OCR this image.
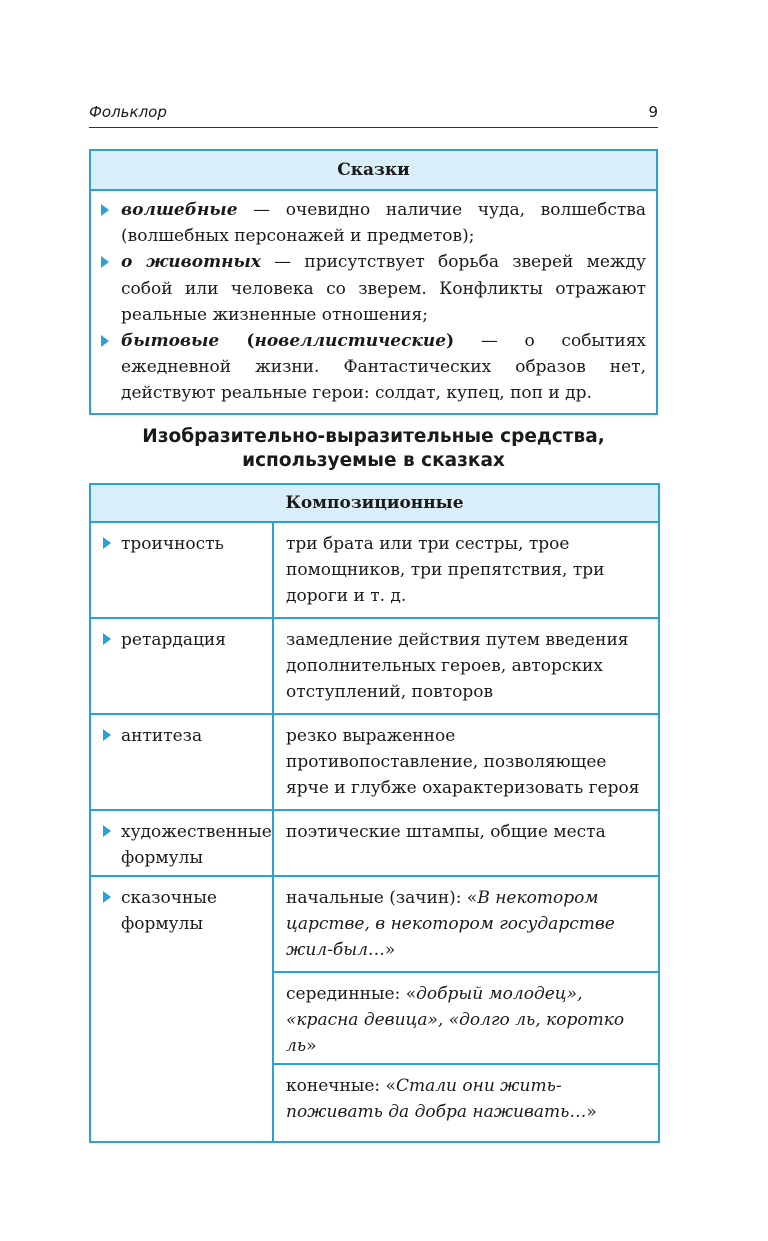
Фольклор	9
Сказки
волшебные — очевидно наличие чуда, волшебства (волшебных персонажей и предметов);
о животных — присутствует борьба зверей между собой или человека со зверем. Конфликты отражают реальные жизненные отношения;
бытовые (новеллистические) — о событиях ежедневной жизни. Фантастических образов нет, действуют реальные герои: солдат, купец, поп и др.
Изобразительно-выразительные средства,
используемые в сказках
Композиционные	

троичность	три брата или три сестры, трое помощников, три препятствия, три дороги и т. д.

ретардация	замедление действия путем введения дополнительных героев, авторских отступлений, повторов

антитеза	резко выраженное противопоставление, позволяющее ярче и глубже охарактеризовать героя

художественные формулы	поэтические штампы, общие места

сказочные формулы	начальные (зачин): «В некотором царстве, в некотором государстве жил-был…»
	серединные: «добрый молодец», «красна девица», «долго ль, коротко ль»
	конечные: «Стали они жить-поживать да добра наживать…»
